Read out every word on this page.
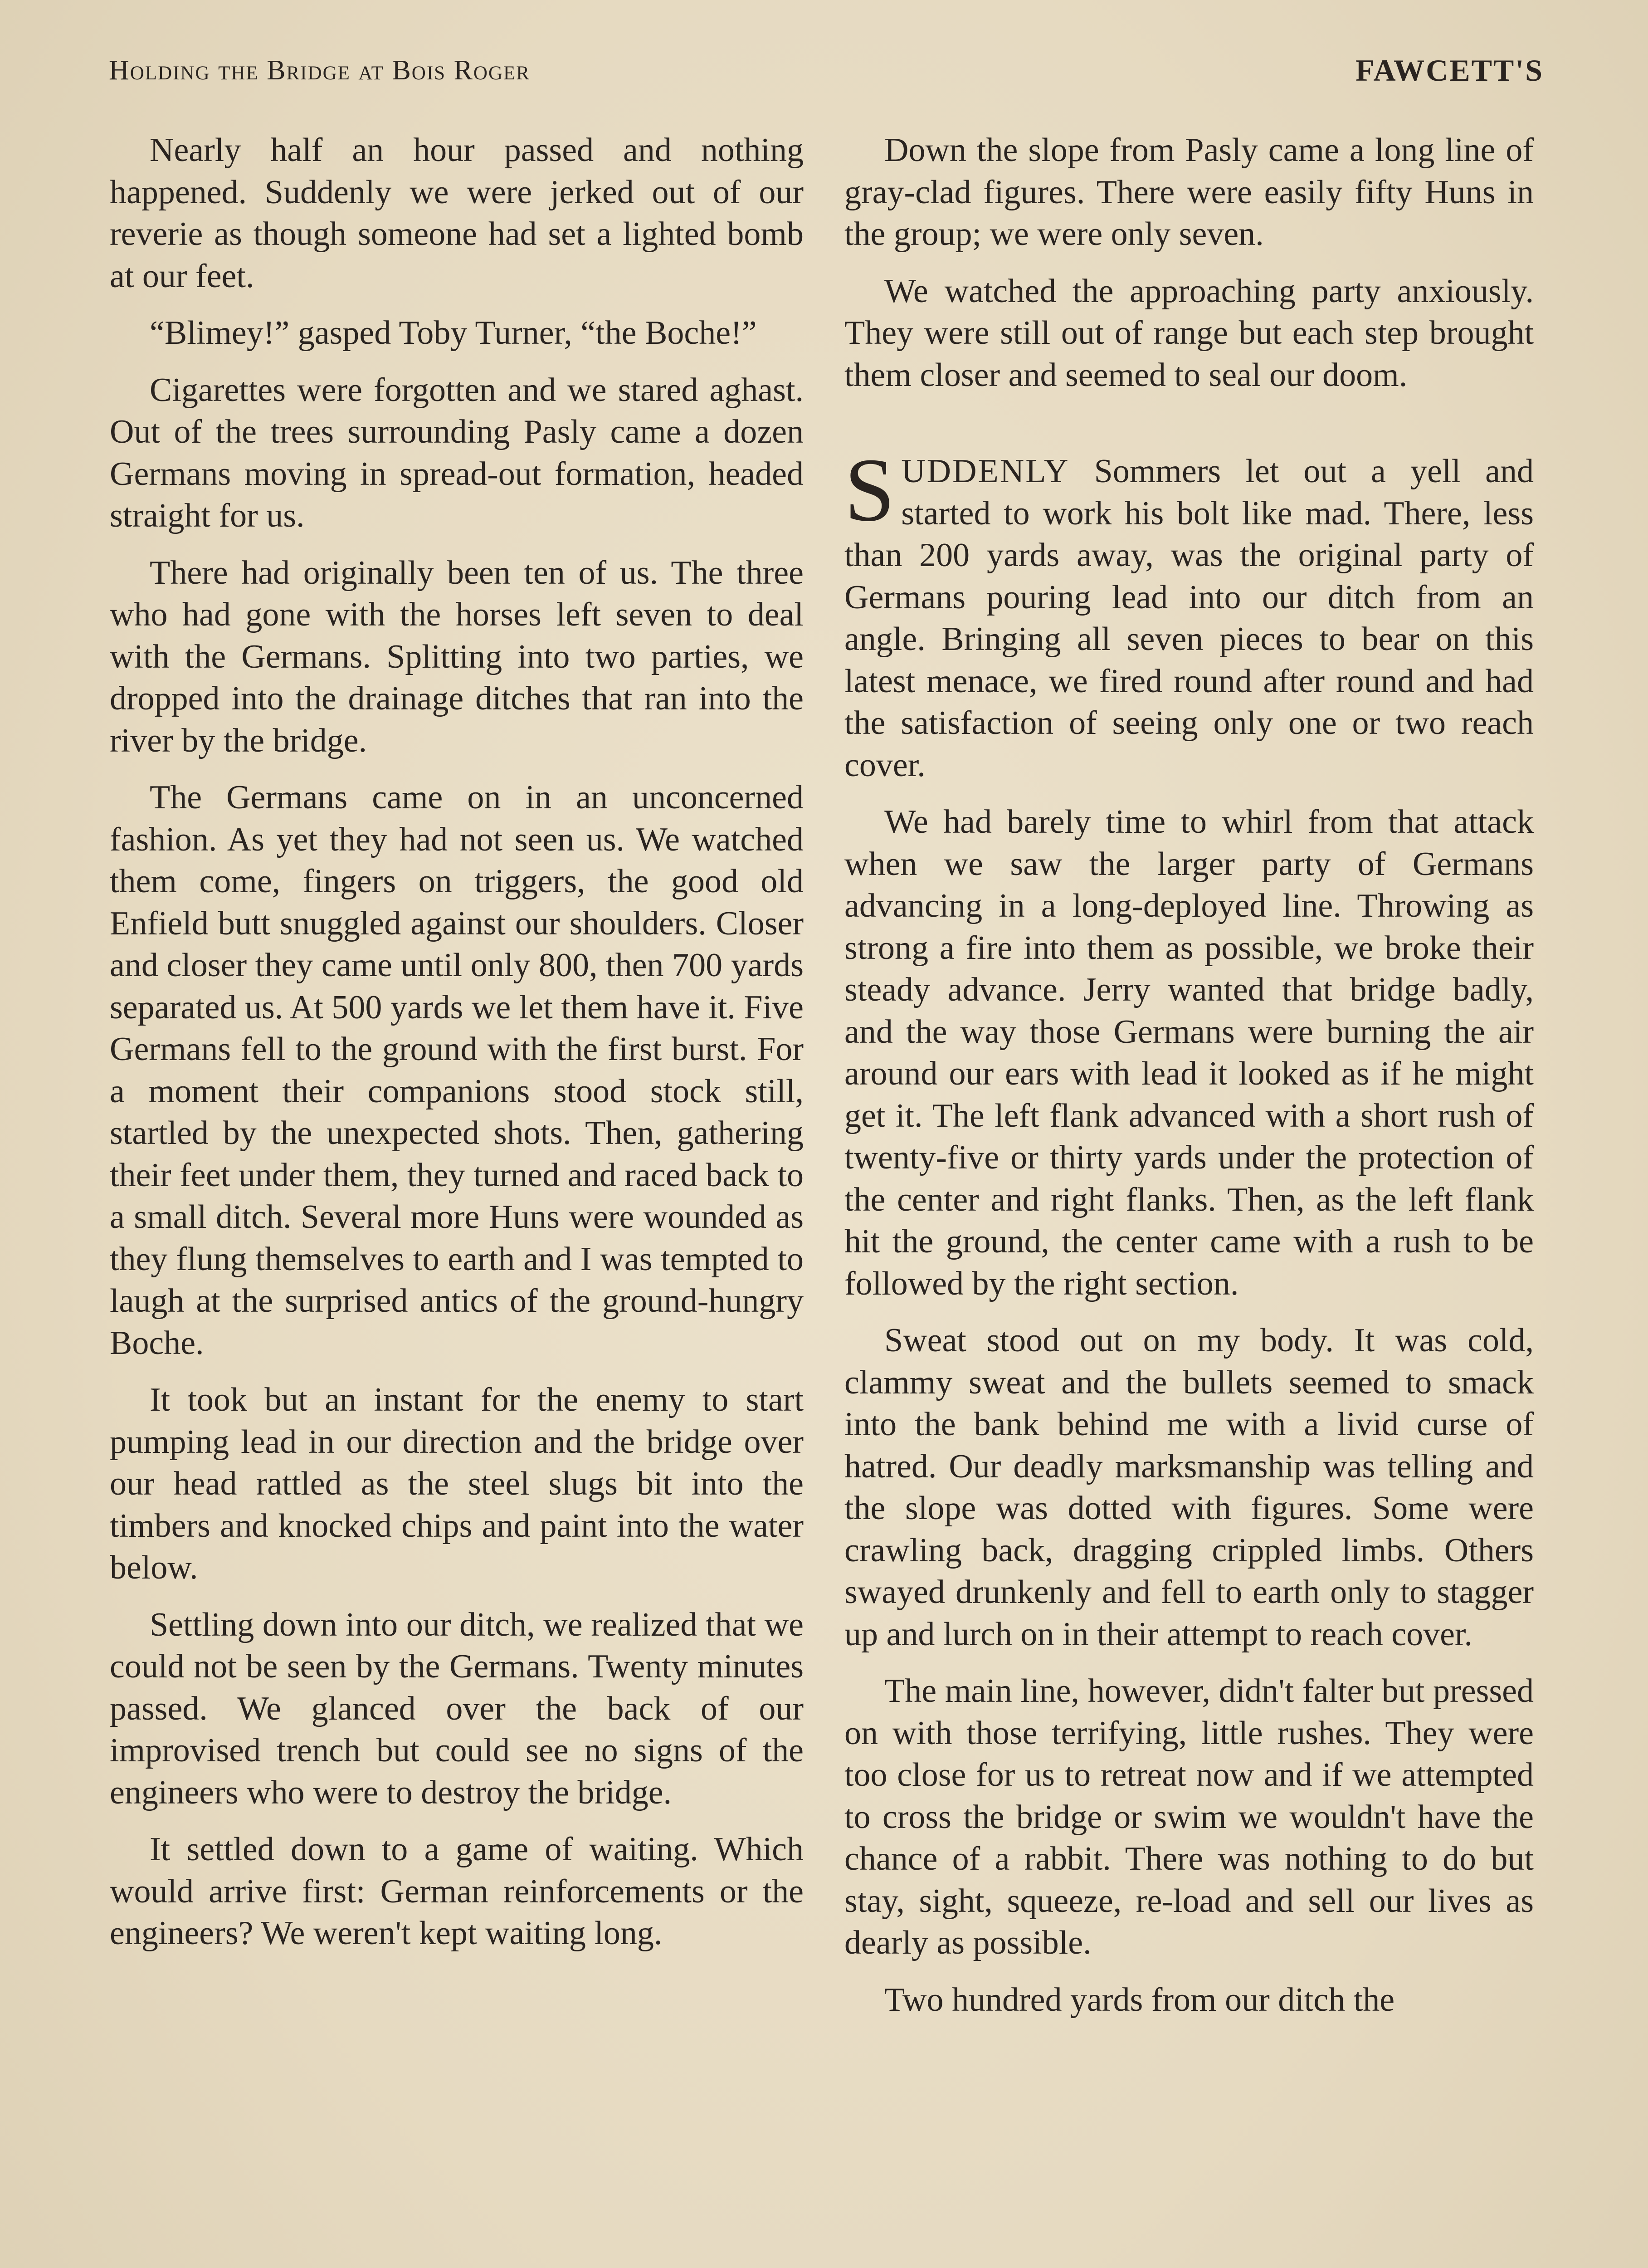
Holding the Bridge at Bois Roger	FAWCETT'S

Nearly half an hour passed and nothing happened. Suddenly we were jerked out of our reverie as though someone had set a lighted bomb at our feet.

“Blimey!” gasped Toby Turner, “the Boche!”

Cigarettes were forgotten and we stared aghast. Out of the trees surrounding Pasly came a dozen Germans moving in spread-out formation, headed straight for us.

There had originally been ten of us. The three who had gone with the horses left seven to deal with the Germans. Splitting into two parties, we dropped into the drainage ditches that ran into the river by the bridge.

The Germans came on in an unconcerned fashion. As yet they had not seen us. We watched them come, fingers on triggers, the good old Enfield butt snuggled against our shoulders. Closer and closer they came until only 800, then 700 yards separated us. At 500 yards we let them have it. Five Germans fell to the ground with the first burst. For a moment their companions stood stock still, startled by the unexpected shots. Then, gathering their feet under them, they turned and raced back to a small ditch. Several more Huns were wounded as they flung themselves to earth and I was tempted to laugh at the surprised antics of the ground-hungry Boche.

It took but an instant for the enemy to start pumping lead in our direction and the bridge over our head rattled as the steel slugs bit into the timbers and knocked chips and paint into the water below.

Settling down into our ditch, we realized that we could not be seen by the Germans. Twenty minutes passed. We glanced over the back of our improvised trench but could see no signs of the engineers who were to destroy the bridge.

It settled down to a game of waiting. Which would arrive first: German reinforcements or the engineers? We weren't kept waiting long.

Down the slope from Pasly came a long line of gray-clad figures. There were easily fifty Huns in the group; we were only seven.

We watched the approaching party anxiously. They were still out of range but each step brought them closer and seemed to seal our doom.

SUDDENLY Sommers let out a yell and started to work his bolt like mad. There, less than 200 yards away, was the original party of Germans pouring lead into our ditch from an angle. Bringing all seven pieces to bear on this latest menace, we fired round after round and had the satisfaction of seeing only one or two reach cover.

We had barely time to whirl from that attack when we saw the larger party of Germans advancing in a long-deployed line. Throwing as strong a fire into them as possible, we broke their steady advance. Jerry wanted that bridge badly, and the way those Germans were burning the air around our ears with lead it looked as if he might get it. The left flank advanced with a short rush of twenty-five or thirty yards under the protection of the center and right flanks. Then, as the left flank hit the ground, the center came with a rush to be followed by the right section.

Sweat stood out on my body. It was cold, clammy sweat and the bullets seemed to smack into the bank behind me with a livid curse of hatred. Our deadly marksmanship was telling and the slope was dotted with figures. Some were crawling back, dragging crippled limbs. Others swayed drunkenly and fell to earth only to stagger up and lurch on in their attempt to reach cover.

The main line, however, didn't falter but pressed on with those terrifying, little rushes. They were too close for us to retreat now and if we attempted to cross the bridge or swim we wouldn't have the chance of a rabbit. There was nothing to do but stay, sight, squeeze, re-load and sell our lives as dearly as possible.

Two hundred yards from our ditch the
